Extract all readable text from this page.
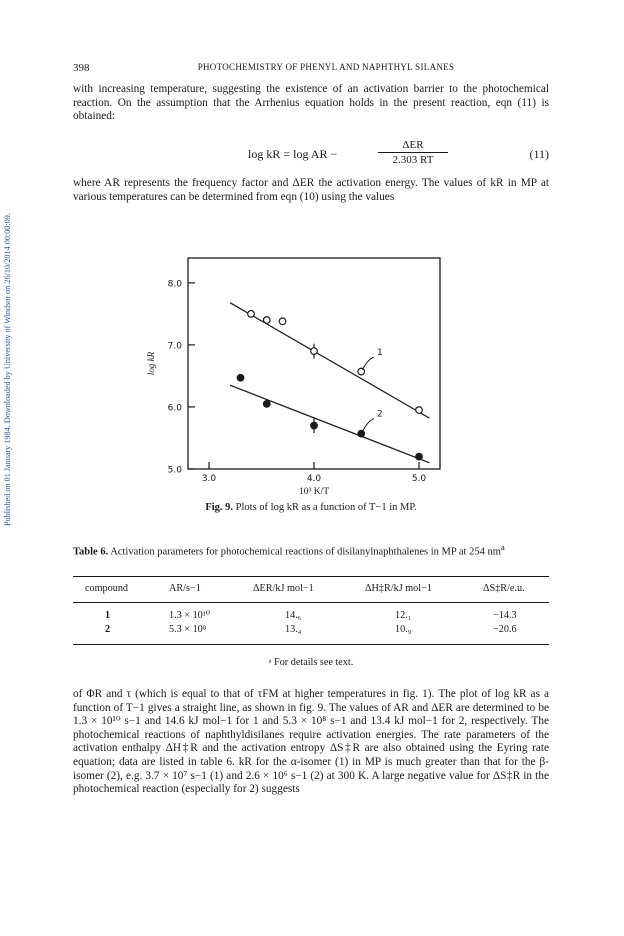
Published on 01 January 1984. Downloaded by University of Windsor on 26/10/2014 00:00:09.
398	PHOTOCHEMISTRY OF PHENYL AND NAPHTHYL SILANES

with increasing temperature, suggesting the existence of an activation barrier to the photochemical reaction. On the assumption that the Arrhenius equation holds in the present reaction, eqn (11) is obtained:

log kR = log AR −
ΔER
2.303 RT	(11)

where AR represents the frequency factor and ΔER the activation energy. The values of kR in MP at various temperatures can be determined from eqn (10) using the values

5.0
6.0
7.0
8.0
3.0	4.0	5.0
10³ K/T
log kR	1
2
Fig. 9. Plots of log kR as a function of T−1 in MP.
Table 6. Activation parameters for photochemical reactions of disilanylnaphthalenes in MP at 254 $nm^a$
compound	AR/s−1	ΔER/kJ mol−1	ΔH‡R/kJ mol−1	ΔS‡R/e.u.
1	1.3 × 10¹⁰	14.₆	12.₁	−14.3
2	5.3 × 10⁸	13.₄	10.₉	−20.6
ᵃ For details see text.

of ΦR and τ (which is equal to that of τFM at higher temperatures in fig. 1). The plot of log kR as a function of T−1 gives a straight line, as shown in fig. 9. The values of AR and ΔER are determined to be 1.3 × 10¹⁰ s−1 and 14.6 kJ mol−1 for 1 and 5.3 × 10⁸ s−1 and 13.4 kJ mol−1 for 2, respectively. The photochemical reactions of naphthyldisilanes require activation energies. The rate parameters of the activation enthalpy ΔH‡R and the activation entropy ΔS‡R are also obtained using the Eyring rate equation; data are listed in table 6. kR for the α-isomer (1) in MP is much greater than that for the β-isomer (2), e.g. 3.7 × 10⁷ s−1 (1) and 2.6 × 10⁶ s−1 (2) at 300 K. A large negative value for ΔS‡R in the photochemical reaction (especially for 2) suggests
